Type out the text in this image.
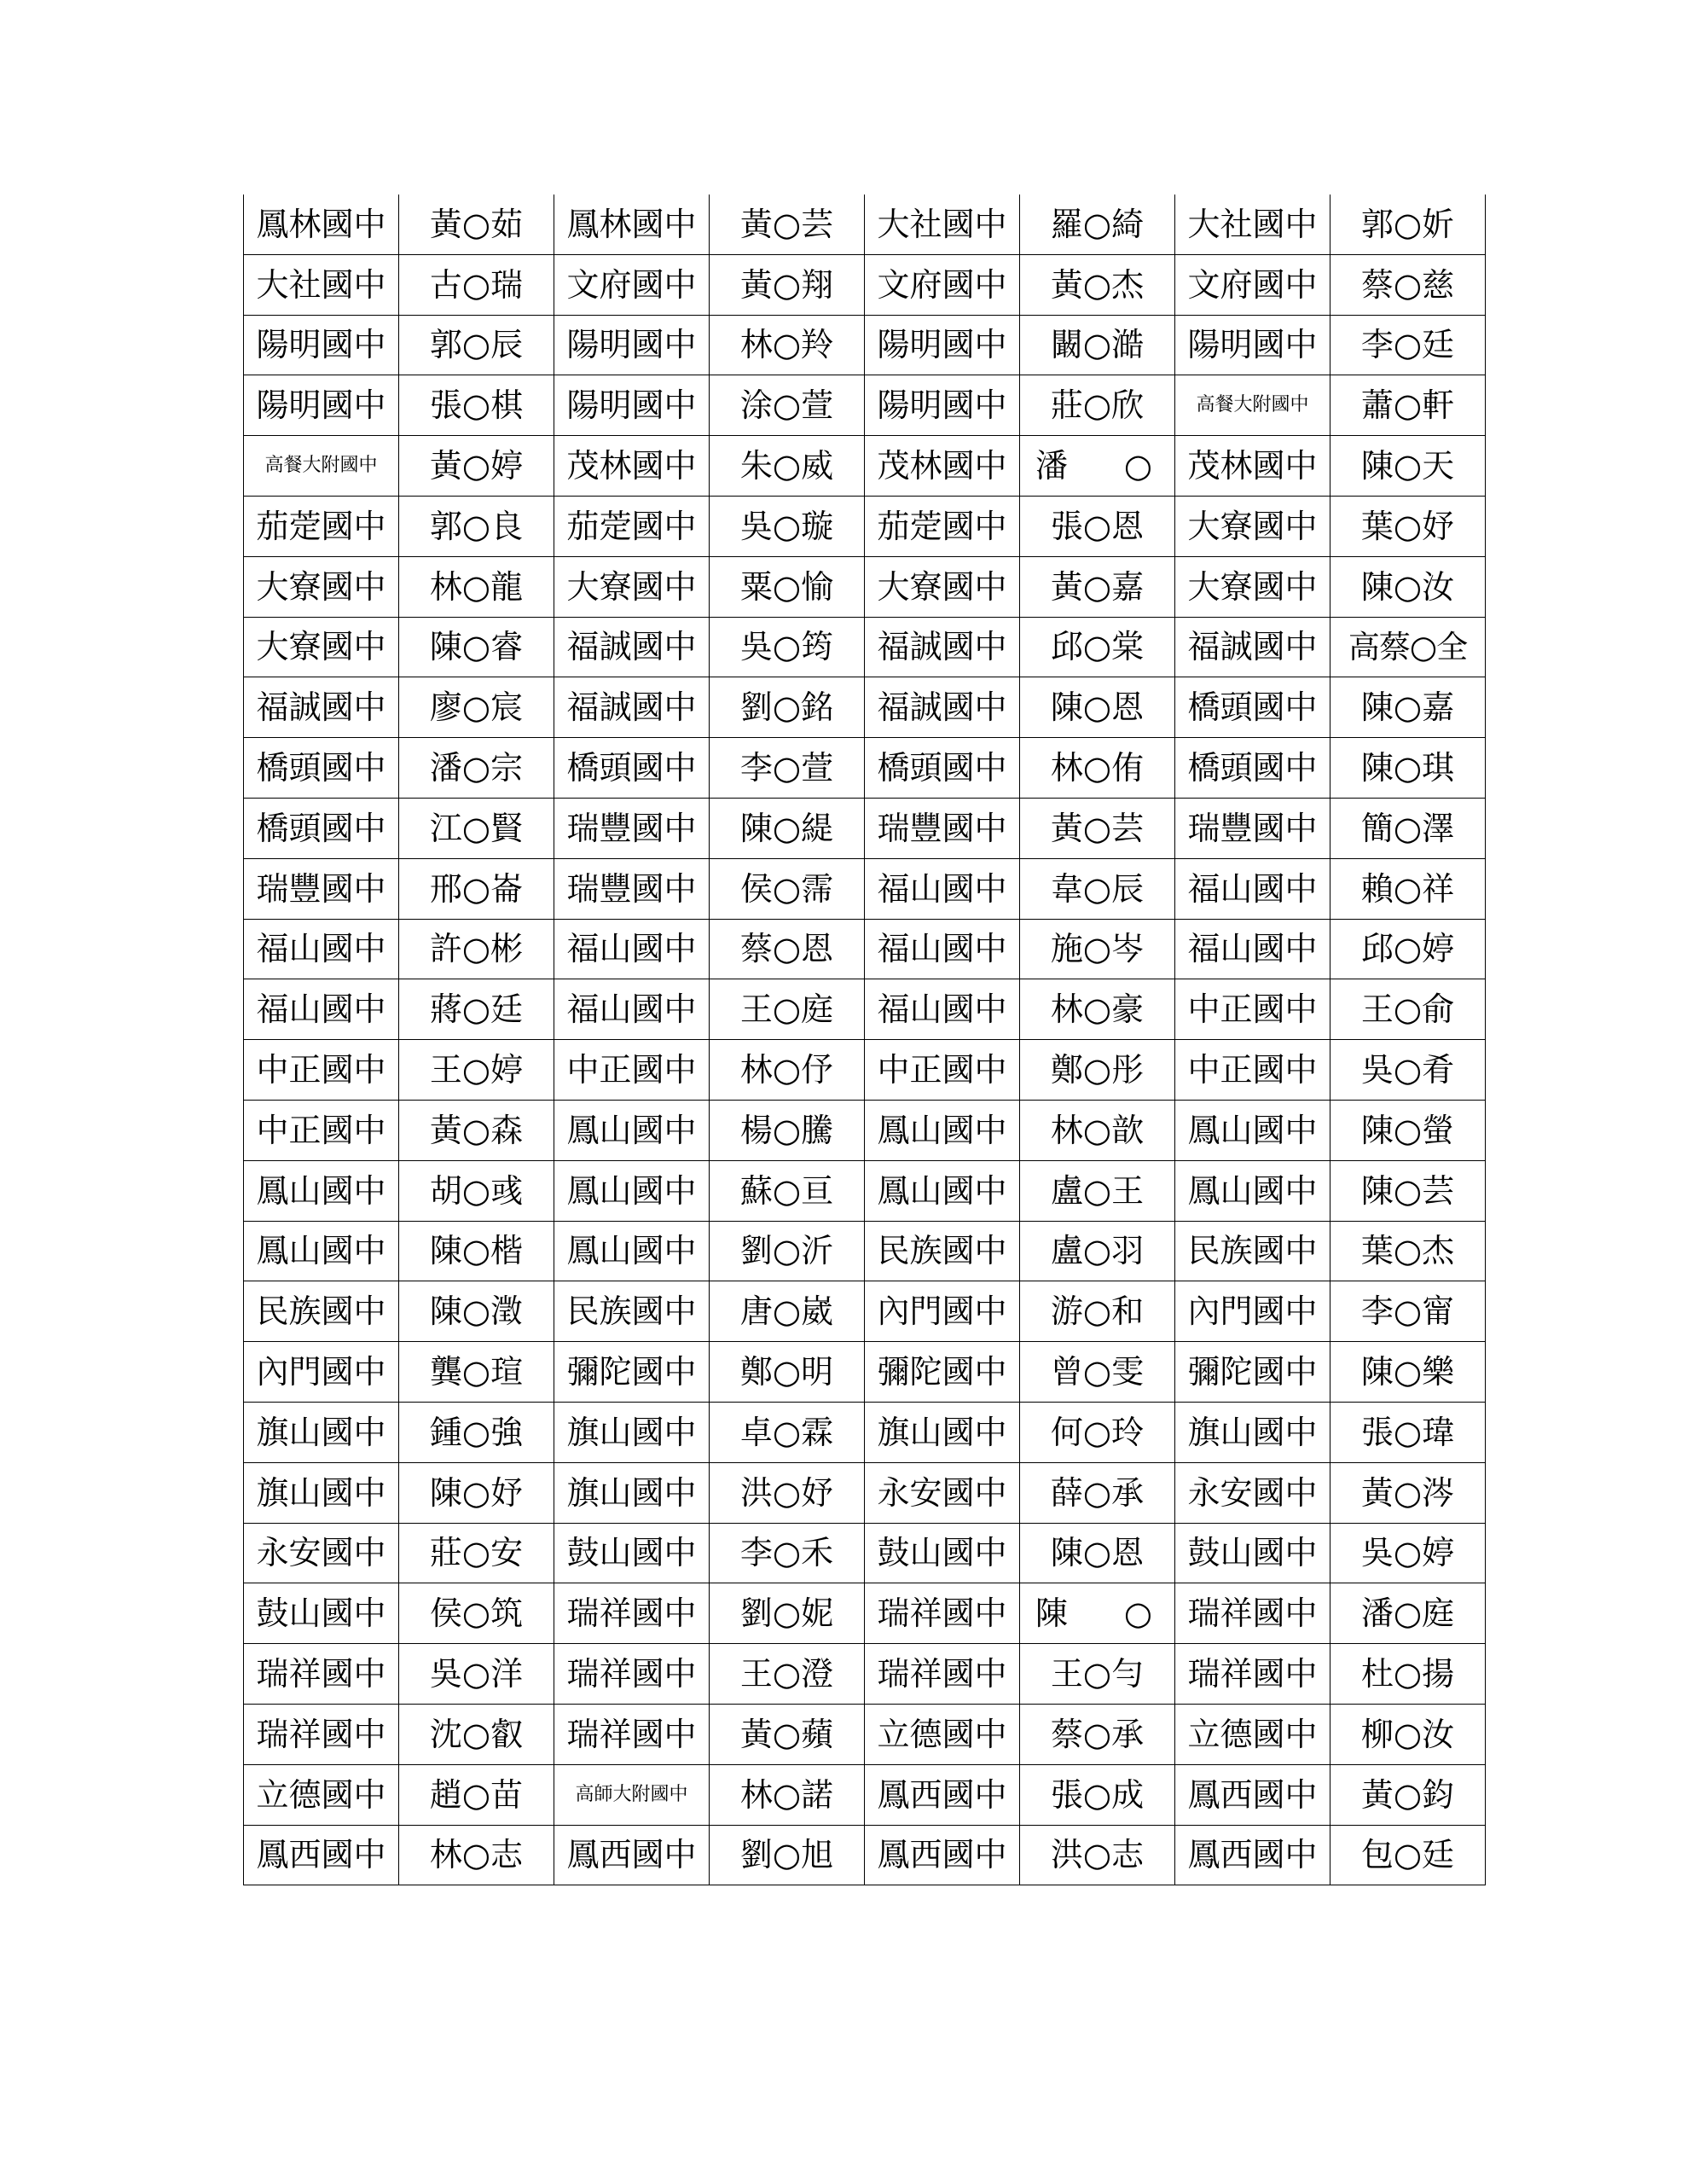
鳳林國中	黃○茹	鳳林國中	黃○芸	大社國中	羅○綺	大社國中	郭○妡
大社國中	古○瑞	文府國中	黃○翔	文府國中	黃○杰	文府國中	蔡○慈
陽明國中	郭○辰	陽明國中	林○羚	陽明國中	闞○澔	陽明國中	李○廷
陽明國中	張○棋	陽明國中	涂○萱	陽明國中	莊○欣	高餐大附國中	蕭○軒
高餐大附國中	黃○婷	茂林國中	朱○威	茂林國中	潘 ○	茂林國中	陳○天
茄萣國中	郭○良	茄萣國中	吳○璇	茄萣國中	張○恩	大寮國中	葉○妤
大寮國中	林○龍	大寮國中	粟○愉	大寮國中	黃○嘉	大寮國中	陳○汝
大寮國中	陳○睿	福誠國中	吳○筠	福誠國中	邱○棠	福誠國中	高蔡○全
福誠國中	廖○宸	福誠國中	劉○銘	福誠國中	陳○恩	橋頭國中	陳○嘉
橋頭國中	潘○宗	橋頭國中	李○萱	橋頭國中	林○侑	橋頭國中	陳○琪
橋頭國中	江○賢	瑞豐國中	陳○緹	瑞豐國中	黃○芸	瑞豐國中	簡○澤
瑞豐國中	邢○崙	瑞豐國中	侯○霈	福山國中	韋○辰	福山國中	賴○祥
福山國中	許○彬	福山國中	蔡○恩	福山國中	施○岑	福山國中	邱○婷
福山國中	蔣○廷	福山國中	王○庭	福山國中	林○豪	中正國中	王○俞
中正國中	王○婷	中正國中	林○伃	中正國中	鄭○彤	中正國中	吳○肴
中正國中	黃○森	鳳山國中	楊○騰	鳳山國中	林○歆	鳳山國中	陳○螢
鳳山國中	胡○彧	鳳山國中	蘇○亘	鳳山國中	盧○王	鳳山國中	陳○芸
鳳山國中	陳○楷	鳳山國中	劉○沂	民族國中	盧○羽	民族國中	葉○杰
民族國中	陳○澂	民族國中	唐○崴	內門國中	游○和	內門國中	李○甯
內門國中	龔○瑄	彌陀國中	鄭○明	彌陀國中	曾○雯	彌陀國中	陳○樂
旗山國中	鍾○強	旗山國中	卓○霖	旗山國中	何○玲	旗山國中	張○瑋
旗山國中	陳○妤	旗山國中	洪○妤	永安國中	薛○承	永安國中	黃○涔
永安國中	莊○安	鼓山國中	李○禾	鼓山國中	陳○恩	鼓山國中	吳○婷
鼓山國中	侯○筑	瑞祥國中	劉○妮	瑞祥國中	陳 ○	瑞祥國中	潘○庭
瑞祥國中	吳○洋	瑞祥國中	王○澄	瑞祥國中	王○勻	瑞祥國中	杜○揚
瑞祥國中	沈○叡	瑞祥國中	黃○蘋	立德國中	蔡○承	立德國中	柳○汝
立德國中	趙○苗	高師大附國中	林○諾	鳳西國中	張○成	鳳西國中	黃○鈞
鳳西國中	林○志	鳳西國中	劉○旭	鳳西國中	洪○志	鳳西國中	包○廷
